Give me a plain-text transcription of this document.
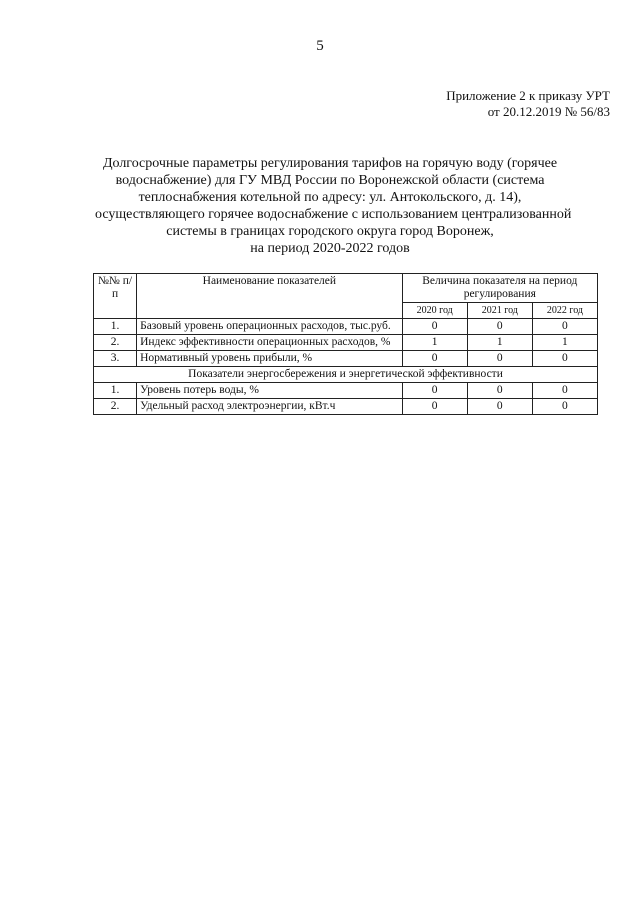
5
Приложение 2 к приказу УРТ
от 20.12.2019 № 56/83
Долгосрочные параметры регулирования тарифов на горячую воду (горячее
водоснабжение) для ГУ МВД России по Воронежской области (система
теплоснабжения котельной по адресу: ул. Антокольского, д. 14),
осуществляющего горячее водоснабжение с использованием централизованной
системы в границах городского округа город Воронеж,
на период 2020-2022 годов
№№ п/п	Наименование показателей	Величина показателя на период регулирования		
		2020 год	2021 год	2022 год
1.	Базовый уровень операционных расходов, тыс.руб.	0	0	0
2.	Индекс эффективности операционных расходов, %	1	1	1
3.	Нормативный уровень прибыли, %	0	0	0
Показатели энергосбережения и энергетической эффективности				
1.	Уровень потерь воды, %	0	0	0
2.	Удельный расход электроэнергии, кВт.ч	0	0	0
